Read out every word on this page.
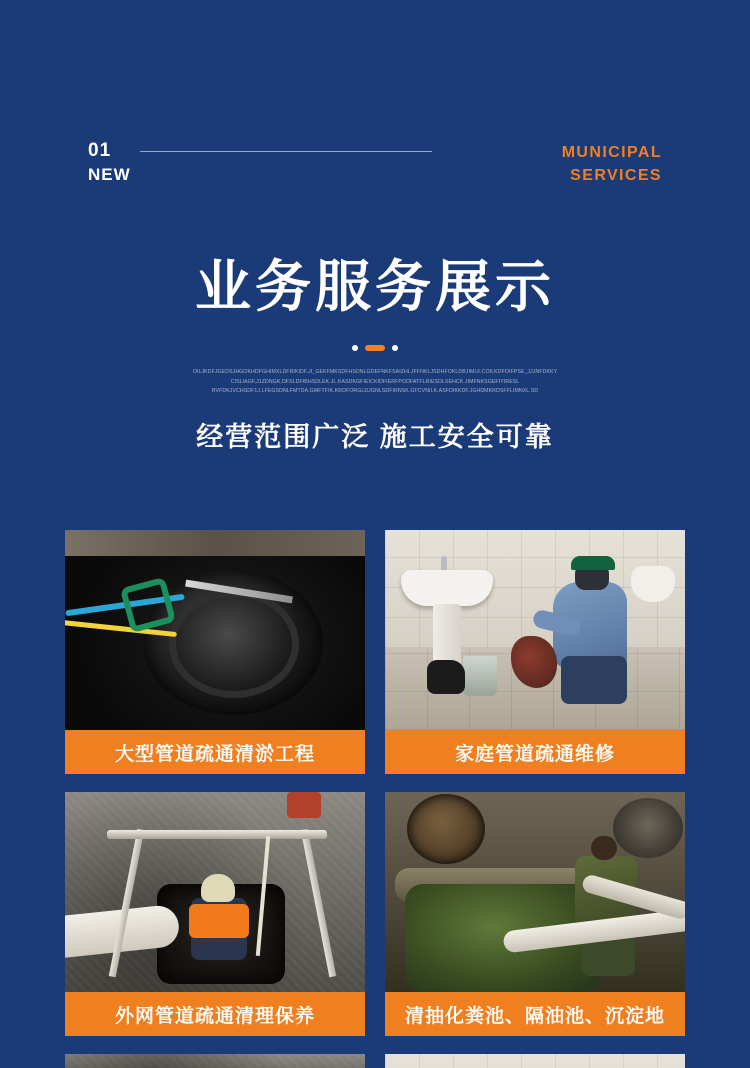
01
NEW
MUNICIPAL
SERVICES
业务服务展示
OILJKDFJGEDSJHGOKHDFGHIMXLDFRIKIDF.JI_GEKFMKSDFHSDNLGDEFNKFSAIZHLJFFNKLJSDHFOKLDBJIMLF.COILKDFOIFPSE_JJJNFDKKY
CISLIAGF,J1ZDNGK,DFSLDFIBHSDLEK.JL.KASDKGFIEICKIDFIERFPODFATFLRIESDLSEHCK.JIMFNKSGEFIYIRESL
RVFDKJVCHSDF1J.LFEGSDNLFMTDA.GMFTFIK.KRDFORGLDJGNLSDFIRNSK.GFCVNILK.ASFDIKKDF.JGHDMKRDSFFLIMNXL.SD
经营范围广泛 施工安全可靠
大型管道疏通清淤工程	家庭管道疏通维修
外网管道疏通清理保养	清抽化粪池、隔油池、沉淀地
